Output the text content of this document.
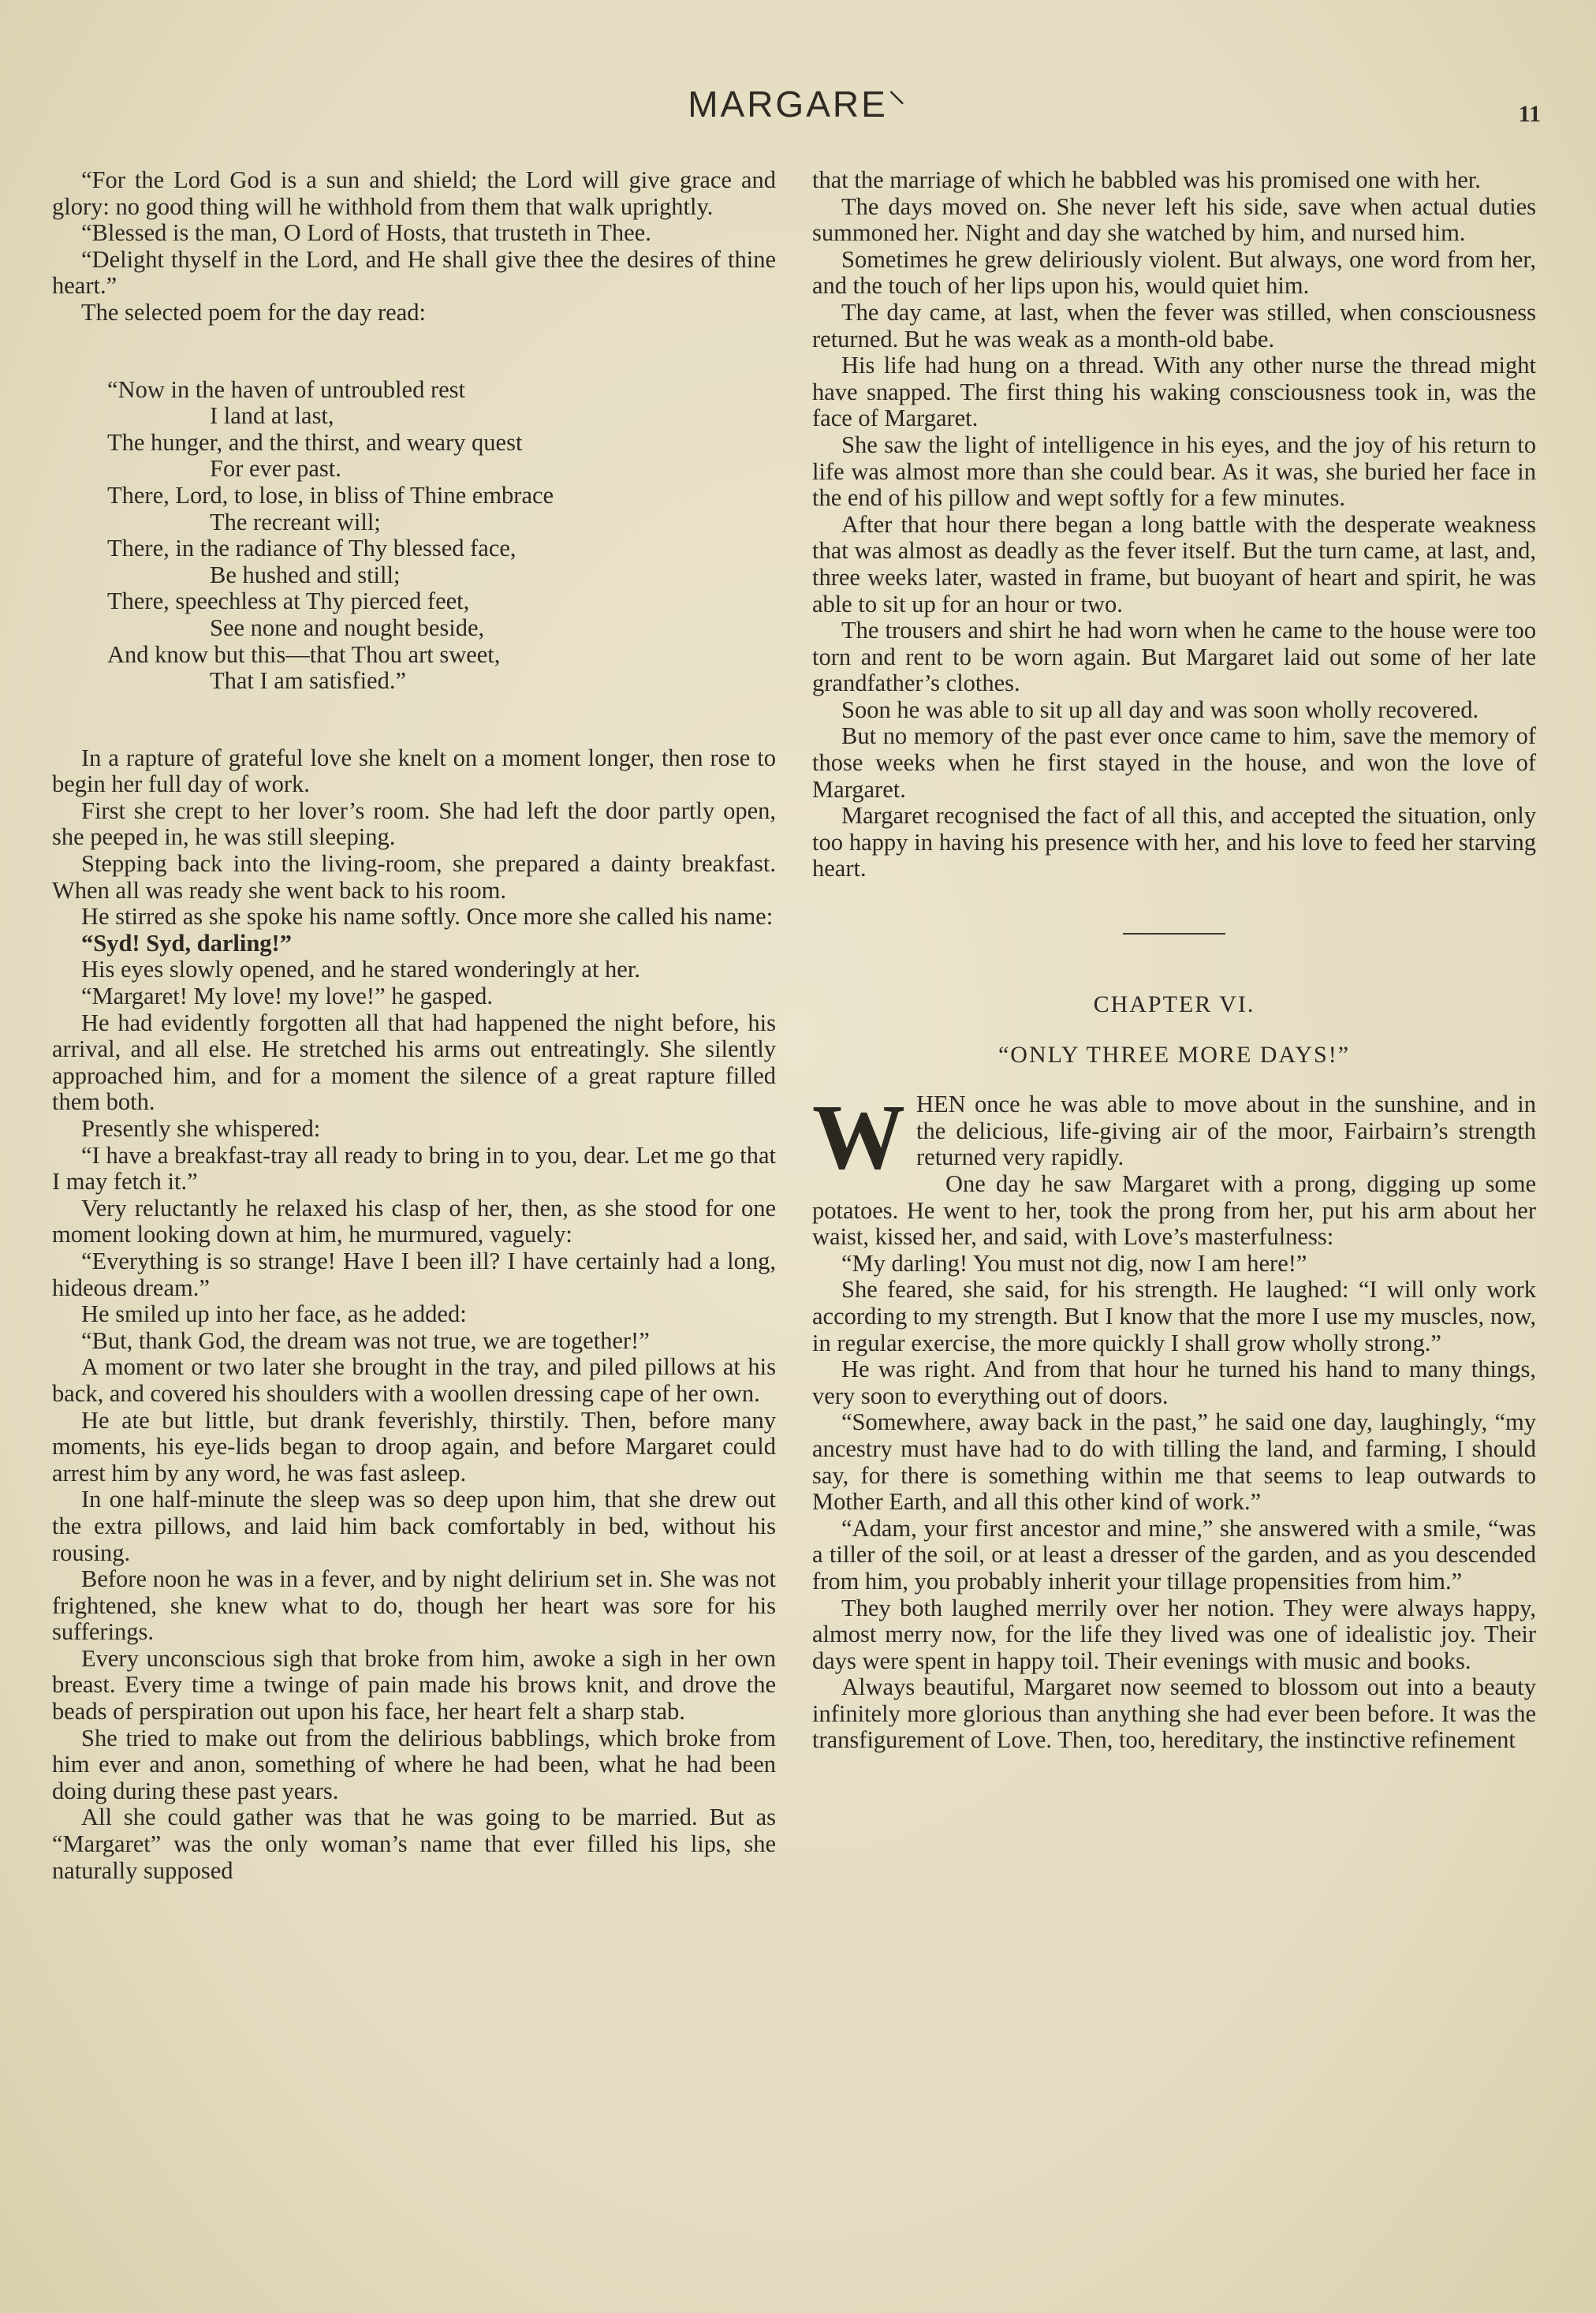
MARGARE⸌	11

“For the Lord God is a sun and shield; the Lord will give grace and glory: no good thing will he withhold from them that walk uprightly.

“Blessed is the man, O Lord of Hosts, that trusteth in Thee.

“Delight thyself in the Lord, and He shall give thee the desires of thine heart.”

The selected poem for the day read:

“Now in the haven of untroubled rest
I land at last,
The hunger, and the thirst, and weary quest
For ever past.
There, Lord, to lose, in bliss of Thine embrace
The recreant will;
There, in the radiance of Thy blessed face,
Be hushed and still;
There, speechless at Thy pierced feet,
See none and nought beside,
And know but this—that Thou art sweet,
That I am satisfied.”

In a rapture of grateful love she knelt on a moment longer, then rose to begin her full day of work.

First she crept to her lover’s room. She had left the door partly open, she peeped in, he was still sleeping.

Stepping back into the living-room, she prepared a dainty breakfast. When all was ready she went back to his room.

He stirred as she spoke his name softly. Once more she called his name:

“Syd! Syd, darling!”

His eyes slowly opened, and he stared wonderingly at her.

“Margaret! My love! my love!” he gasped.

He had evidently forgotten all that had happened the night before, his arrival, and all else. He stretched his arms out entreatingly. She silently approached him, and for a moment the silence of a great rapture filled them both.

Presently she whispered:

“I have a breakfast-tray all ready to bring in to you, dear. Let me go that I may fetch it.”

Very reluctantly he relaxed his clasp of her, then, as she stood for one moment looking down at him, he murmured, vaguely:

“Everything is so strange! Have I been ill? I have certainly had a long, hideous dream.”

He smiled up into her face, as he added:

“But, thank God, the dream was not true, we are together!”

A moment or two later she brought in the tray, and piled pillows at his back, and covered his shoulders with a woollen dressing cape of her own.

He ate but little, but drank feverishly, thirstily. Then, before many moments, his eye-lids began to droop again, and before Margaret could arrest him by any word, he was fast asleep.

In one half-minute the sleep was so deep upon him, that she drew out the extra pillows, and laid him back comfortably in bed, without his rousing.

Before noon he was in a fever, and by night delirium set in. She was not frightened, she knew what to do, though her heart was sore for his sufferings.

Every unconscious sigh that broke from him, awoke a sigh in her own breast. Every time a twinge of pain made his brows knit, and drove the beads of perspiration out upon his face, her heart felt a sharp stab.

She tried to make out from the delirious babblings, which broke from him ever and anon, something of where he had been, what he had been doing during these past years.

All she could gather was that he was going to be married. But as “Margaret” was the only woman’s name that ever filled his lips, she naturally supposed

that the marriage of which he babbled was his promised one with her.

The days moved on. She never left his side, save when actual duties summoned her. Night and day she watched by him, and nursed him.

Sometimes he grew deliriously violent. But always, one word from her, and the touch of her lips upon his, would quiet him.

The day came, at last, when the fever was stilled, when consciousness returned. But he was weak as a month-old babe.

His life had hung on a thread. With any other nurse the thread might have snapped. The first thing his waking consciousness took in, was the face of Margaret.

She saw the light of intelligence in his eyes, and the joy of his return to life was almost more than she could bear. As it was, she buried her face in the end of his pillow and wept softly for a few minutes.

After that hour there began a long battle with the desperate weakness that was almost as deadly as the fever itself. But the turn came, at last, and, three weeks later, wasted in frame, but buoyant of heart and spirit, he was able to sit up for an hour or two.

The trousers and shirt he had worn when he came to the house were too torn and rent to be worn again. But Margaret laid out some of her late grandfather’s clothes.

Soon he was able to sit up all day and was soon wholly recovered.

But no memory of the past ever once came to him, save the memory of those weeks when he first stayed in the house, and won the love of Margaret.

Margaret recognised the fact of all this, and accepted the situation, only too happy in having his presence with her, and his love to feed her starving heart.

CHAPTER VI.
“ONLY THREE MORE DAYS!”

WHEN once he was able to move about in the sunshine, and in the delicious, life-giving air of the moor, Fairbairn’s strength returned very rapidly.

One day he saw Margaret with a prong, digging up some potatoes. He went to her, took the prong from her, put his arm about her waist, kissed her, and said, with Love’s masterfulness:

“My darling! You must not dig, now I am here!”

She feared, she said, for his strength. He laughed: “I will only work according to my strength. But I know that the more I use my muscles, now, in regular exercise, the more quickly I shall grow wholly strong.”

He was right. And from that hour he turned his hand to many things, very soon to everything out of doors.

“Somewhere, away back in the past,” he said one day, laughingly, “my ancestry must have had to do with tilling the land, and farming, I should say, for there is something within me that seems to leap outwards to Mother Earth, and all this other kind of work.”

“Adam, your first ancestor and mine,” she answered with a smile, “was a tiller of the soil, or at least a dresser of the garden, and as you descended from him, you probably inherit your tillage propensities from him.”

They both laughed merrily over her notion. They were always happy, almost merry now, for the life they lived was one of idealistic joy. Their days were spent in happy toil. Their evenings with music and books.

Always beautiful, Margaret now seemed to blossom out into a beauty infinitely more glorious than anything she had ever been before. It was the transfigurement of Love. Then, too, hereditary, the instinctive refinement
